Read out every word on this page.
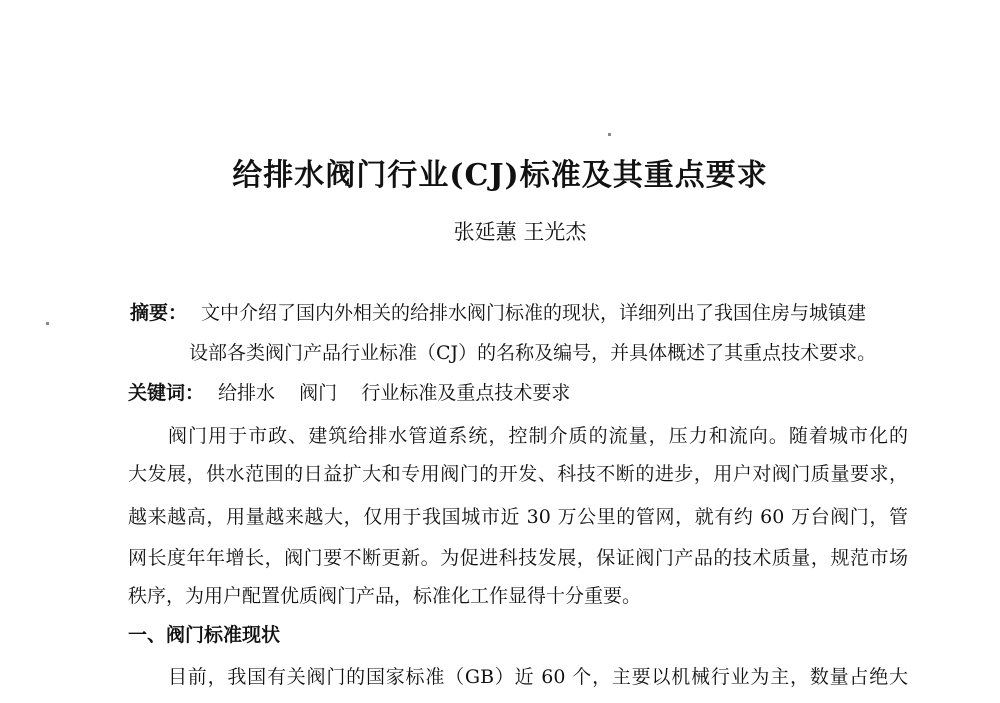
给排水阀门行业(CJ)标准及其重点要求
张延蕙 王光杰
摘要： 文中介绍了国内外相关的给排水阀门标准的现状，详细列出了我国住房与城镇建
设部各类阀门产品行业标准（CJ）的名称及编号，并具体概述了其重点技术要求。
关键词： 给排水    阀门    行业标准及重点技术要求
阀门用于市政、建筑给排水管道系统，控制介质的流量，压力和流向。随着城市化的
大发展，供水范围的日益扩大和专用阀门的开发、科技不断的进步，用户对阀门质量要求，
越来越高，用量越来越大，仅用于我国城市近 30 万公里的管网，就有约 60 万台阀门，管
网长度年年增长，阀门要不断更新。为促进科技发展，保证阀门产品的技术质量，规范市场
秩序，为用户配置优质阀门产品，标准化工作显得十分重要。
一、阀门标准现状
目前，我国有关阀门的国家标准（GB）近 60 个，主要以机械行业为主，数量占绝大
